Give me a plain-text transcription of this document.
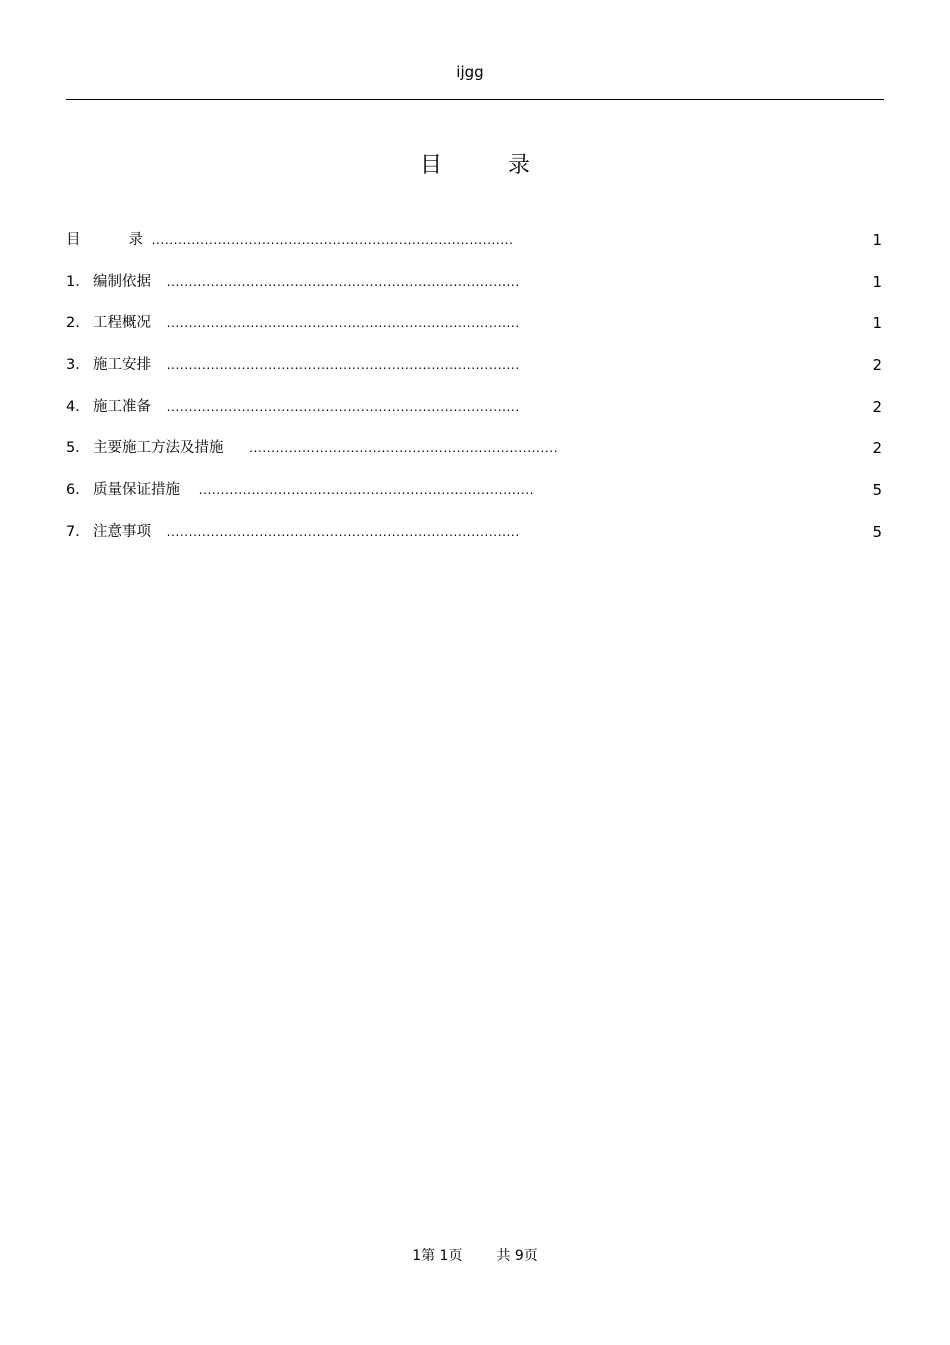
ijgg
目	录
目	录 ..................................................................................	1
1． 编制依据 ................................................................................	1
2． 工程概况 ................................................................................	1
3． 施工安排 ................................................................................	2
4． 施工准备 ................................................................................	2
5． 主要施工方法及措施 ......................................................................	2
6． 质量保证措施 ............................................................................	5
7． 注意事项 ................................................................................	5
1第 1页 共 9页
